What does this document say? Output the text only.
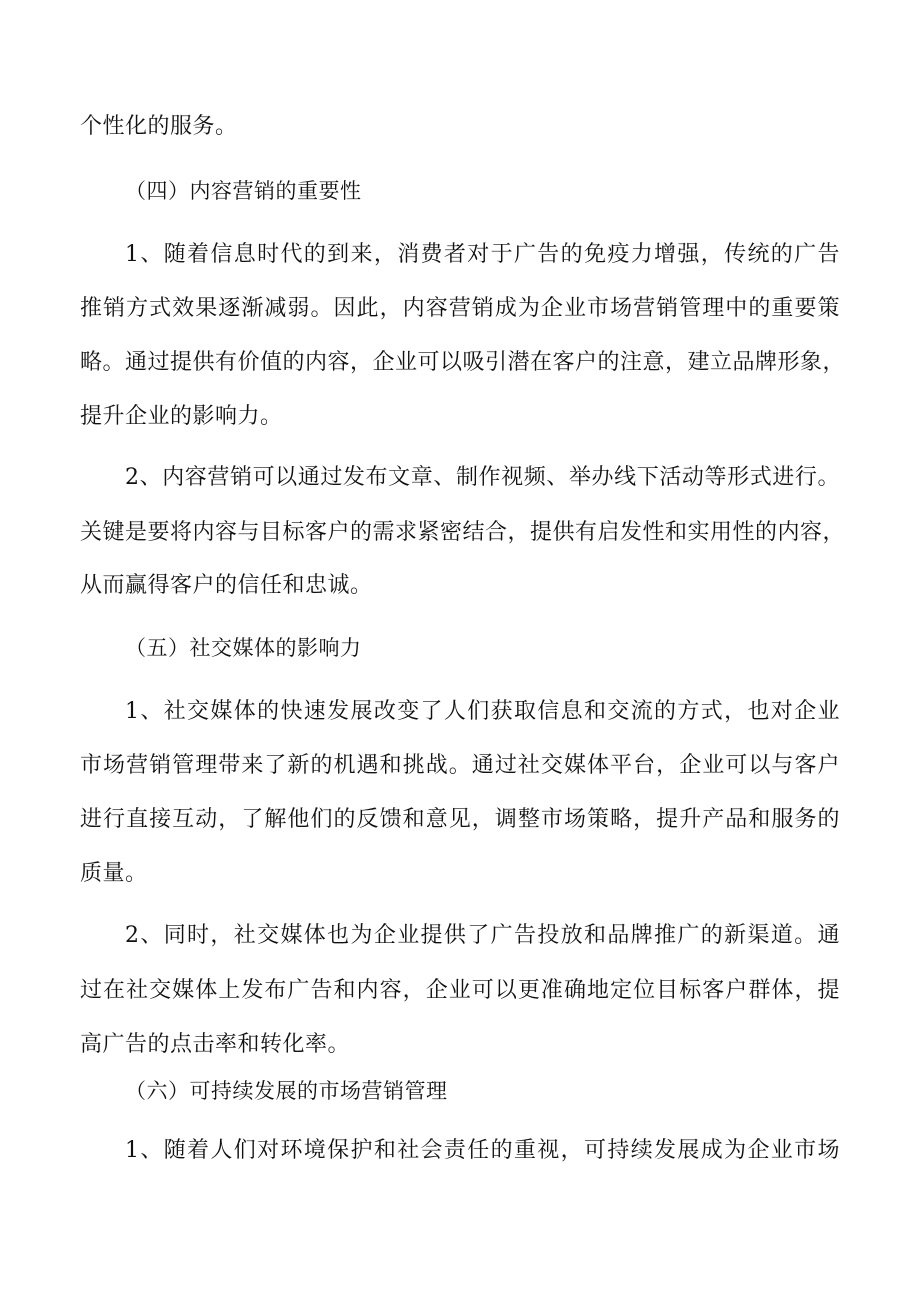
个性化的服务。
（四）内容营销的重要性
1、随着信息时代的到来，消费者对于广告的免疫力增强，传统的广告
推销方式效果逐渐减弱。因此，内容营销成为企业市场营销管理中的重要策
略。通过提供有价值的内容，企业可以吸引潜在客户的注意，建立品牌形象，
提升企业的影响力。
2、内容营销可以通过发布文章、制作视频、举办线下活动等形式进行。
关键是要将内容与目标客户的需求紧密结合，提供有启发性和实用性的内容，
从而赢得客户的信任和忠诚。
（五）社交媒体的影响力
1、社交媒体的快速发展改变了人们获取信息和交流的方式，也对企业
市场营销管理带来了新的机遇和挑战。通过社交媒体平台，企业可以与客户
进行直接互动，了解他们的反馈和意见，调整市场策略，提升产品和服务的
质量。
2、同时，社交媒体也为企业提供了广告投放和品牌推广的新渠道。通
过在社交媒体上发布广告和内容，企业可以更准确地定位目标客户群体，提
高广告的点击率和转化率。
（六）可持续发展的市场营销管理
1、随着人们对环境保护和社会责任的重视，可持续发展成为企业市场
